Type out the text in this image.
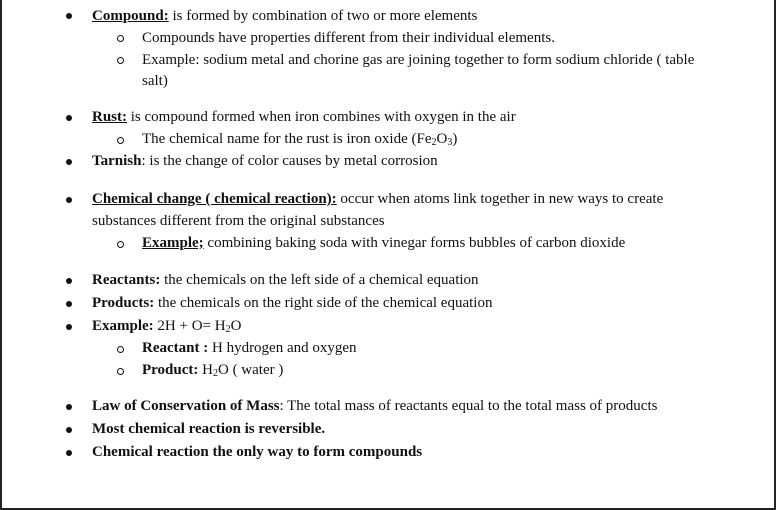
Compound: is formed by combination of two or more elements
Compounds have properties different from their individual elements.
Example: sodium metal and chorine gas are joining together to form sodium chloride ( table
salt)
Rust: is compound formed when iron combines with oxygen in the air
The chemical name for the rust is iron oxide $(Fe_2O_3)$
Tarnish: is the change of color causes by metal corrosion
Chemical change ( chemical reaction): occur when atoms link together in new ways to create
substances different from the original substances
Example; combining baking soda with vinegar forms bubbles of carbon dioxide
Reactants: the chemicals on the left side of a chemical equation
Products: the chemicals on the right side of the chemical equation
Example: $2H + O= H_2O$
Reactant : H hydrogen and oxygen
Product: $H_2O$ ( water )
Law of Conservation of Mass: The total mass of reactants equal to the total mass of products
Most chemical reaction is reversible.
Chemical reaction the only way to form compounds
